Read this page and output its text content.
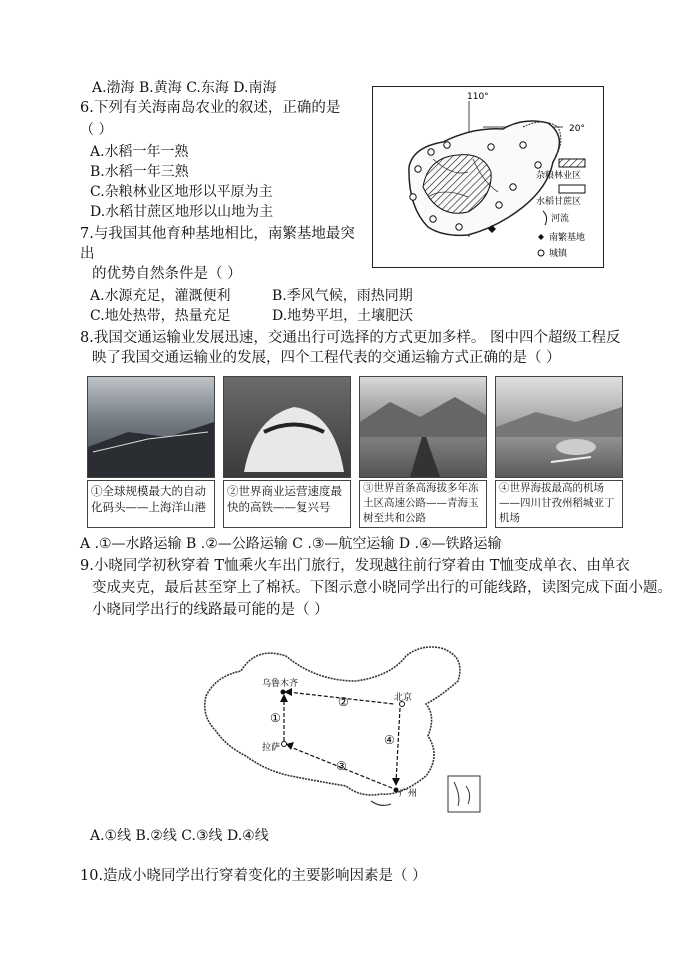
A.渤海 B.黄海 C.东海 D.南海
6.下列有关海南岛农业的叙述，正确的是
（ ）
A.水稻一年一熟
B.水稻一年三熟
C.杂粮林业区地形以平原为主
D.水稻甘蔗区地形以山地为主
7.与我国其他育种基地相比，南繁基地最突
出
的优势自然条件是（ ）
A.水源充足，灌溉便利	B.季风气候，雨热同期
C.地处热带，热量充足	D.地势平坦，土壤肥沃
110°
20°
杂粮林业区
水稻甘蔗区
河流
南繁基地
城镇
8.我国交通运输业发展迅速，交通出行可选择的方式更加多样。 图中四个超级工程反
映了我国交通运输业的发展，四个工程代表的交通运输方式正确的是（ ）
①全球规模最大的自动化码头——上海洋山港
②世界商业运营速度最快的高铁——复兴号
③世界首条高海拔多年冻土区高速公路——青海玉树至共和公路
④世界海拔最高的机场——四川甘孜州稻城亚丁机场
A .①—水路运输 B .②—公路运输 C .③—航空运输 D .④—铁路运输
9.小晓同学初秋穿着 T恤乘火车出门旅行，发现越往前行穿着由 T恤变成单衣、由单衣
变成夹克，最后甚至穿上了棉袄。下图示意小晓同学出行的可能线路，读图完成下面小题。
小晓同学出行的线路最可能的是（ ）
乌鲁木齐
北京
拉萨
广州
①
②
③
④
A.①线 B.②线 C.③线 D.④线
10.造成小晓同学出行穿着变化的主要影响因素是（ ）
